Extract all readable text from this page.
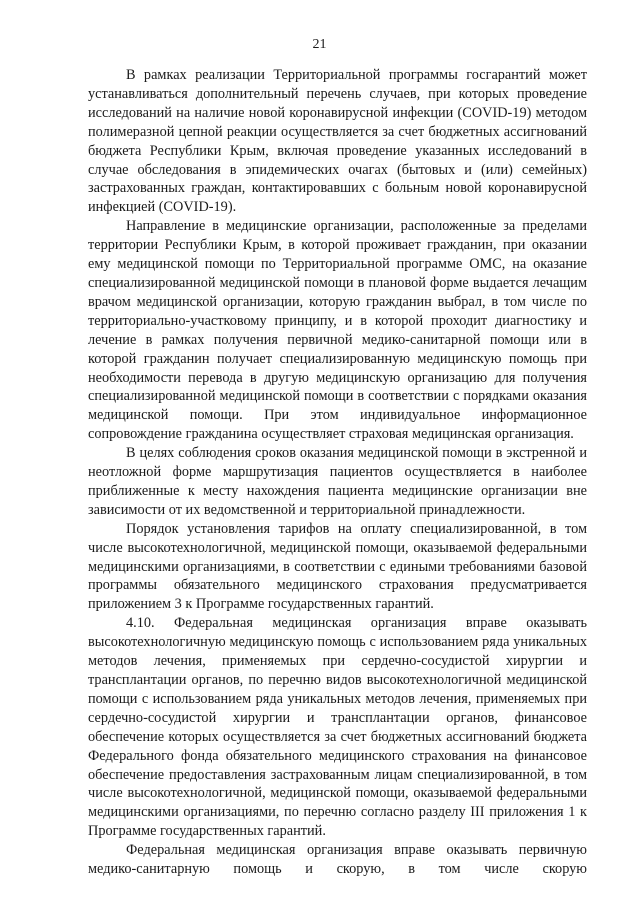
21

В рамках реализации Территориальной программы госгарантий может устанавливаться дополнительный перечень случаев, при которых проведение исследований на наличие новой коронавирусной инфекции (COVID-19) методом полимеразной цепной реакции осуществляется за счет бюджетных ассигнований бюджета Республики Крым, включая проведение указанных исследований в случае обследования в эпидемических очагах (бытовых и (или) семейных) застрахованных граждан, контактировавших с больным новой коронавирусной инфекцией (COVID-19).

Направление в медицинские организации, расположенные за пределами территории Республики Крым, в которой проживает гражданин, при оказании ему медицинской помощи по Территориальной программе ОМС, на оказание специализированной медицинской помощи в плановой форме выдается лечащим врачом медицинской организации, которую гражданин выбрал, в том числе по территориально-участковому принципу, и в которой проходит диагностику и лечение в рамках получения первичной медико-санитарной помощи или в которой гражданин получает специализированную медицинскую помощь при необходимости перевода в другую медицинскую организацию для получения специализированной медицинской помощи в соответствии с порядками оказания медицинской помощи. При этом индивидуальное информационное сопровождение гражданина осуществляет страховая медицинская организация.

В целях соблюдения сроков оказания медицинской помощи в экстренной и неотложной форме маршрутизация пациентов осуществляется в наиболее приближенные к месту нахождения пациента медицинские организации вне зависимости от их ведомственной и территориальной принадлежности.

Порядок установления тарифов на оплату специализированной, в том числе высокотехнологичной, медицинской помощи, оказываемой федеральными медицинскими организациями, в соответствии с едиными требованиями базовой программы обязательного медицинского страхования предусматривается приложением 3 к Программе государственных гарантий.

4.10. Федеральная медицинская организация вправе оказывать высокотехнологичную медицинскую помощь с использованием ряда уникальных методов лечения, применяемых при сердечно-сосудистой хирургии и трансплантации органов, по перечню видов высокотехнологичной медицинской помощи с использованием ряда уникальных методов лечения, применяемых при сердечно-сосудистой хирургии и трансплантации органов, финансовое обеспечение которых осуществляется за счет бюджетных ассигнований бюджета Федерального фонда обязательного медицинского страхования на финансовое обеспечение предоставления застрахованным лицам специализированной, в том числе высокотехнологичной, медицинской помощи, оказываемой федеральными медицинскими организациями, по перечню согласно разделу III приложения 1 к Программе государственных гарантий.

Федеральная медицинская организация вправе оказывать первичную медико-санитарную помощь и скорую, в том числе скорую
